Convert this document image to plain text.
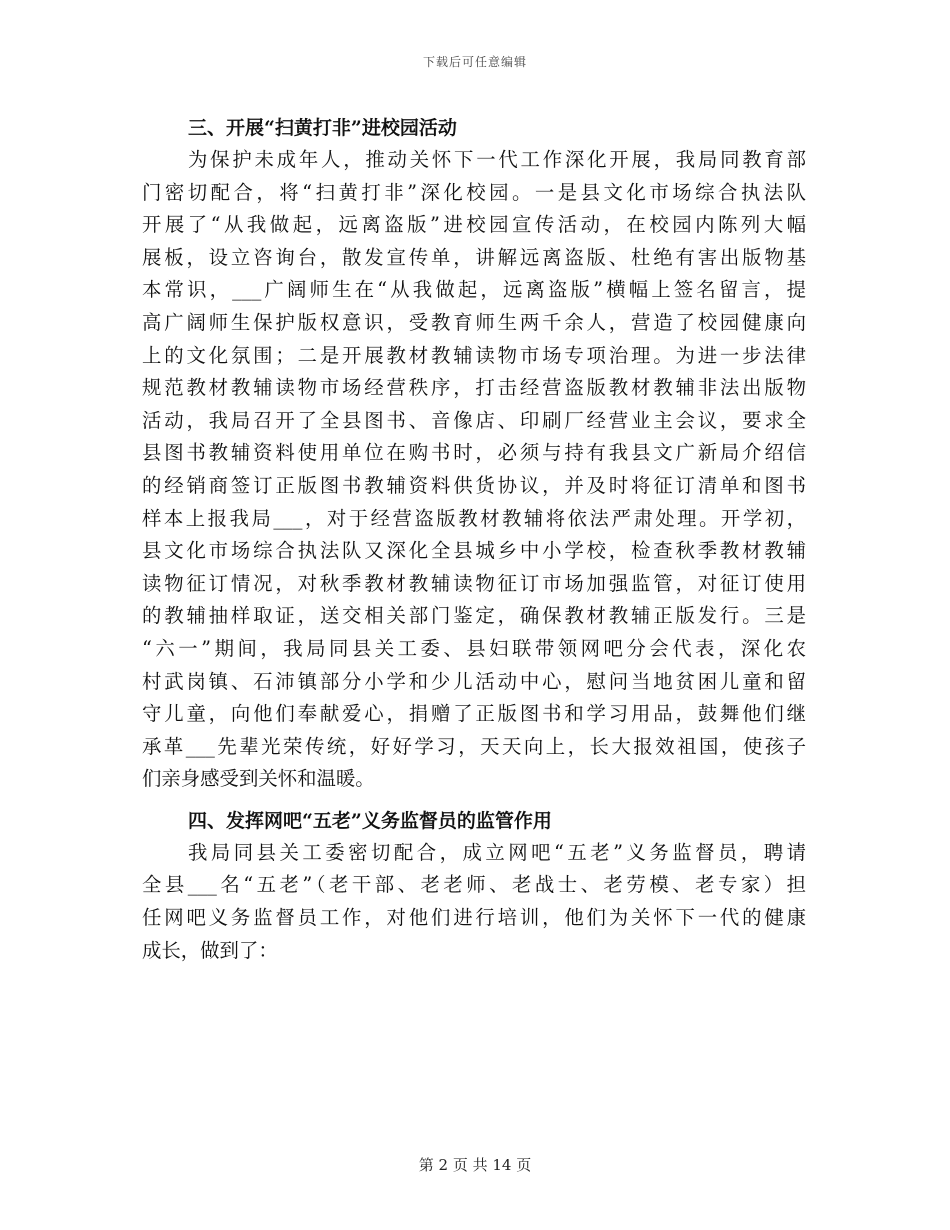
下载后可任意编辑
三、开展“扫黄打非”进校园活动
为保护未成年人，推动关怀下一代工作深化开展，我局同教育部
门密切配合，将“扫黄打非”深化校园。一是县文化市场综合执法队
开展了“从我做起，远离盗版”进校园宣传活动，在校园内陈列大幅
展板，设立咨询台，散发宣传单，讲解远离盗版、杜绝有害出版物基
本常识，___广阔师生在“从我做起，远离盗版”横幅上签名留言，提
高广阔师生保护版权意识，受教育师生两千余人，营造了校园健康向
上的文化氛围；二是开展教材教辅读物市场专项治理。为进一步法律
规范教材教辅读物市场经营秩序，打击经营盗版教材教辅非法出版物
活动，我局召开了全县图书、音像店、印刷厂经营业主会议，要求全
县图书教辅资料使用单位在购书时，必须与持有我县文广新局介绍信
的经销商签订正版图书教辅资料供货协议，并及时将征订清单和图书
样本上报我局___，对于经营盗版教材教辅将依法严肃处理。开学初，
县文化市场综合执法队又深化全县城乡中小学校，检查秋季教材教辅
读物征订情况，对秋季教材教辅读物征订市场加强监管，对征订使用
的教辅抽样取证，送交相关部门鉴定，确保教材教辅正版发行。三是
“六一”期间，我局同县关工委、县妇联带领网吧分会代表，深化农
村武岗镇、石沛镇部分小学和少儿活动中心，慰问当地贫困儿童和留
守儿童，向他们奉献爱心，捐赠了正版图书和学习用品，鼓舞他们继
承革___先辈光荣传统，好好学习，天天向上，长大报效祖国，使孩子
们亲身感受到关怀和温暖。
四、发挥网吧“五老”义务监督员的监管作用
我局同县关工委密切配合，成立网吧“五老”义务监督员，聘请
全县___名“五老”（老干部、老老师、老战士、老劳模、老专家）担
任网吧义务监督员工作，对他们进行培训，他们为关怀下一代的健康
成长，做到了：
第 2 页 共 14 页
